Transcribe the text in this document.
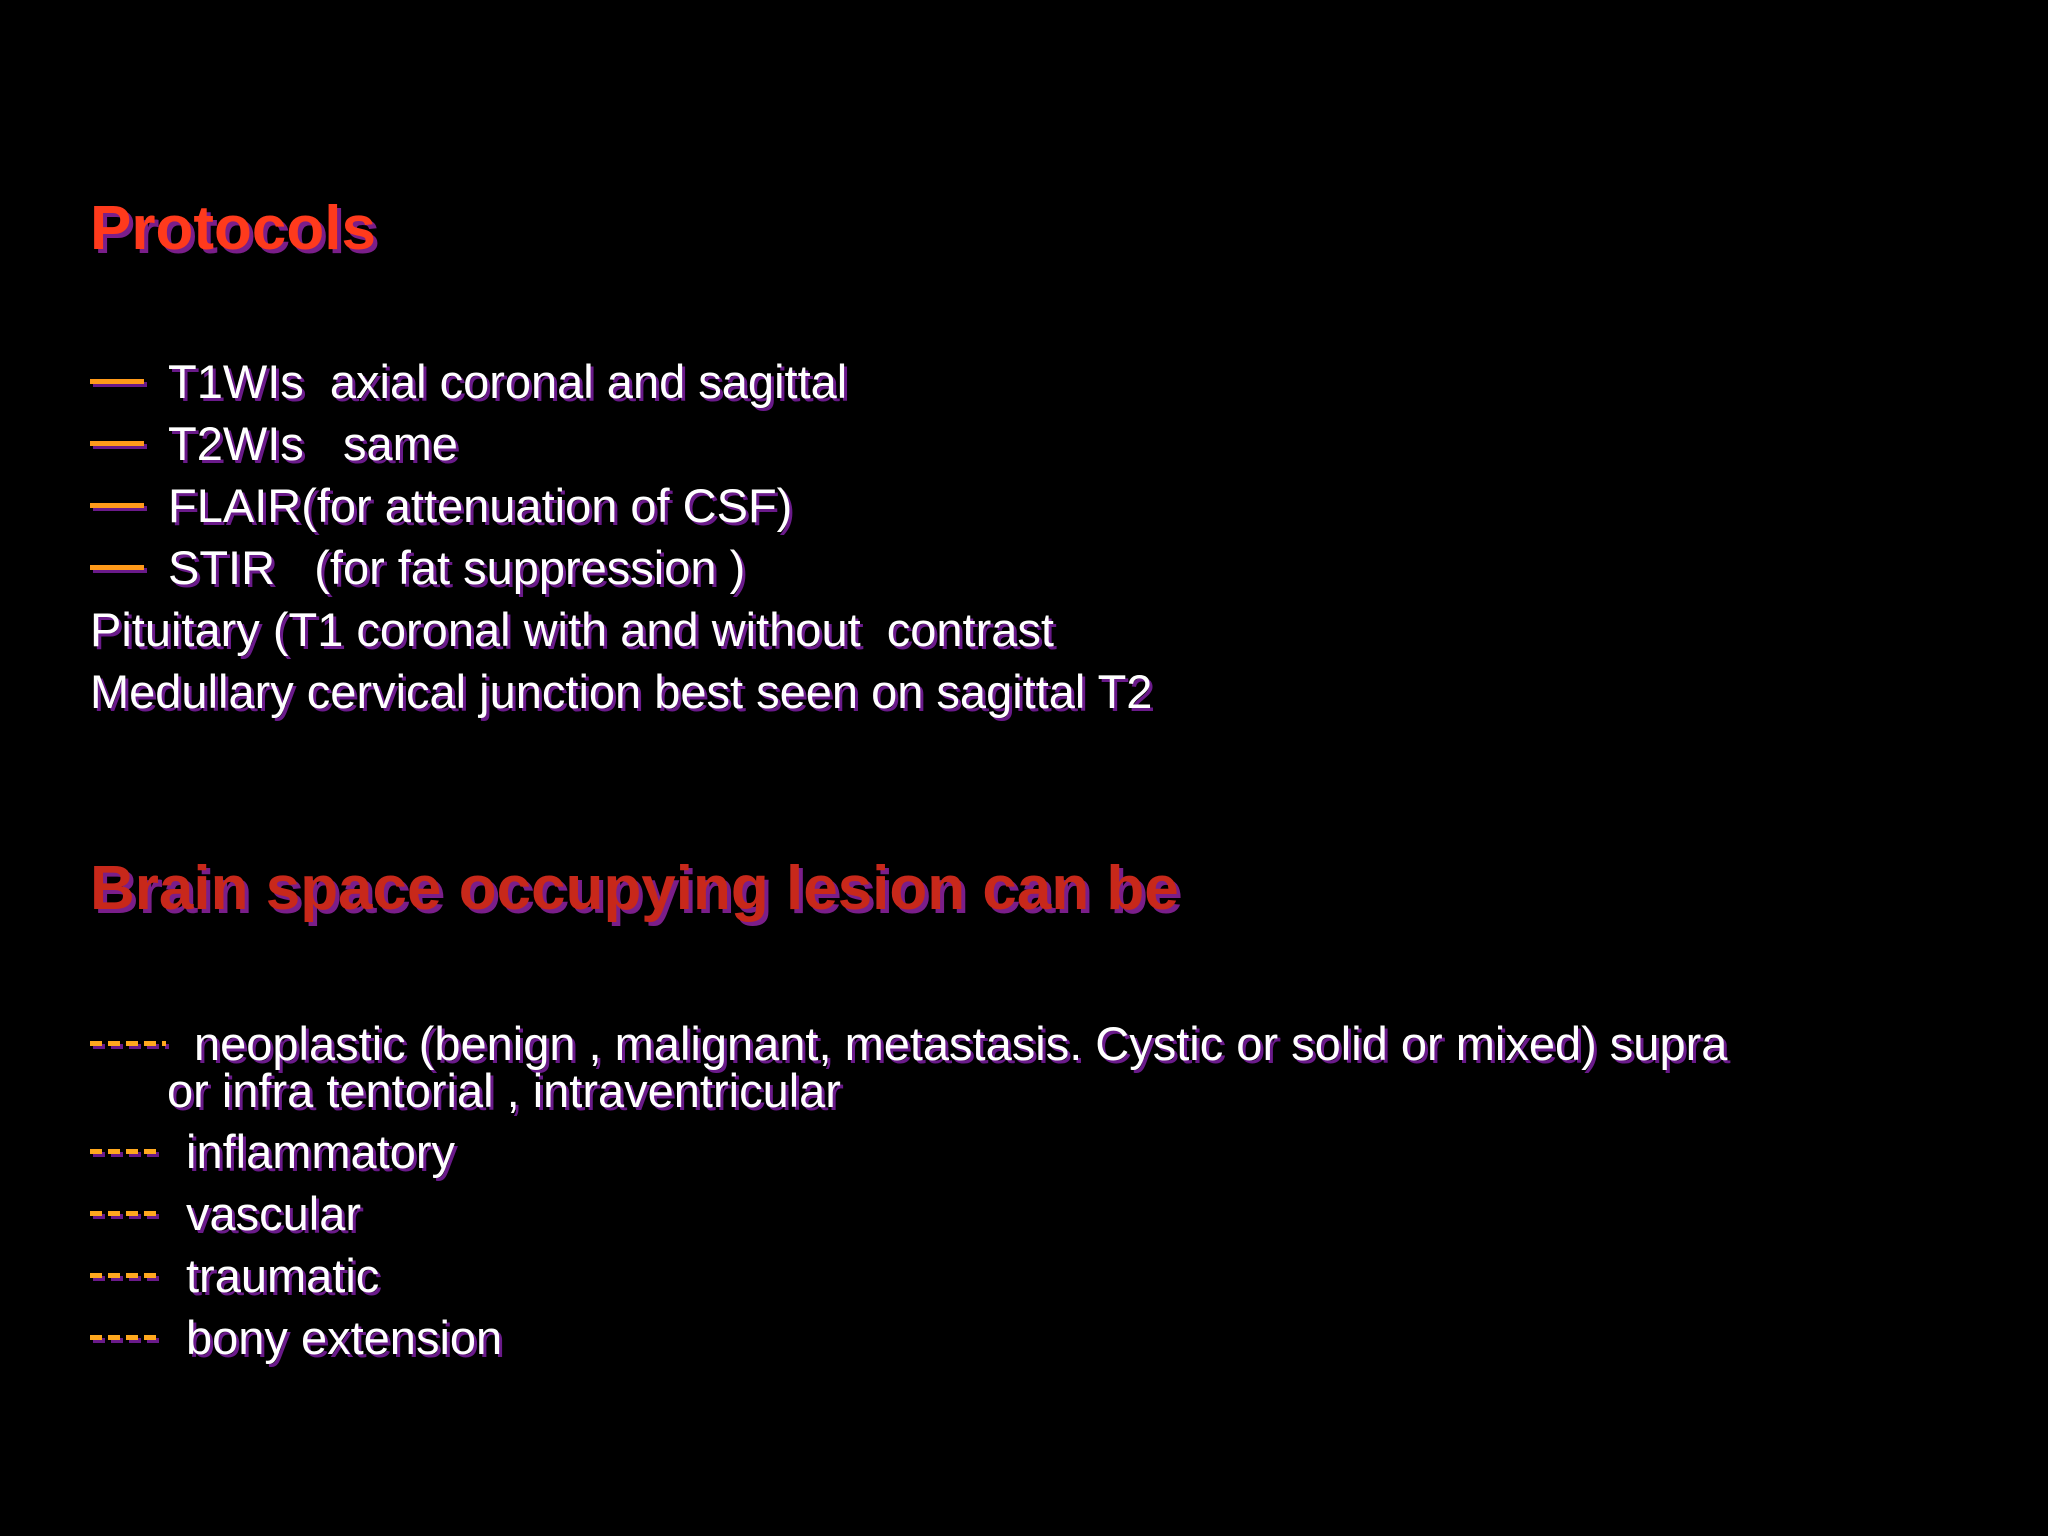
Protocols
T1WIs  axial coronal and sagittal
T2WIs   same
FLAIR(for attenuation of CSF)
STIR   (for fat suppression )
Pituitary (T1 coronal with and without  contrast
Medullary cervical junction best seen on sagittal T2
Brain space occupying lesion can be
neoplastic (benign , malignant, metastasis. Cystic or solid or mixed) supra
or infra tentorial , intraventricular
inflammatory
vascular
traumatic
bony extension
